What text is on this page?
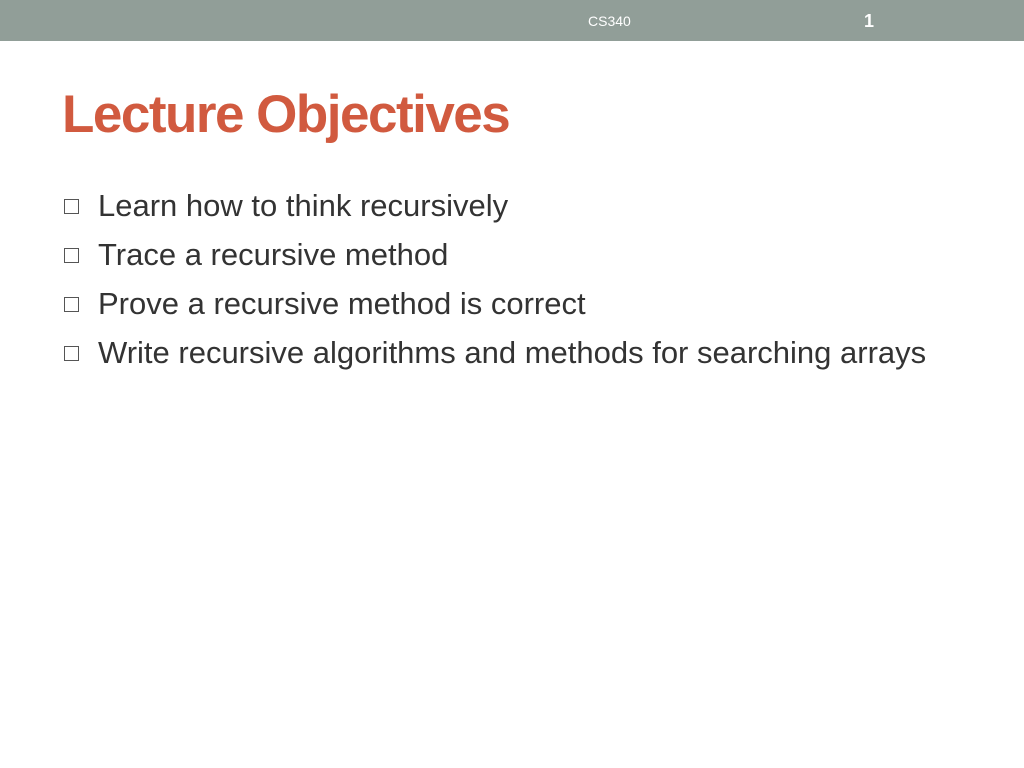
CS340	1
Lecture Objectives
Learn how to think recursively
Trace a recursive method
Prove a recursive method is correct
Write recursive algorithms and methods for searching arrays
